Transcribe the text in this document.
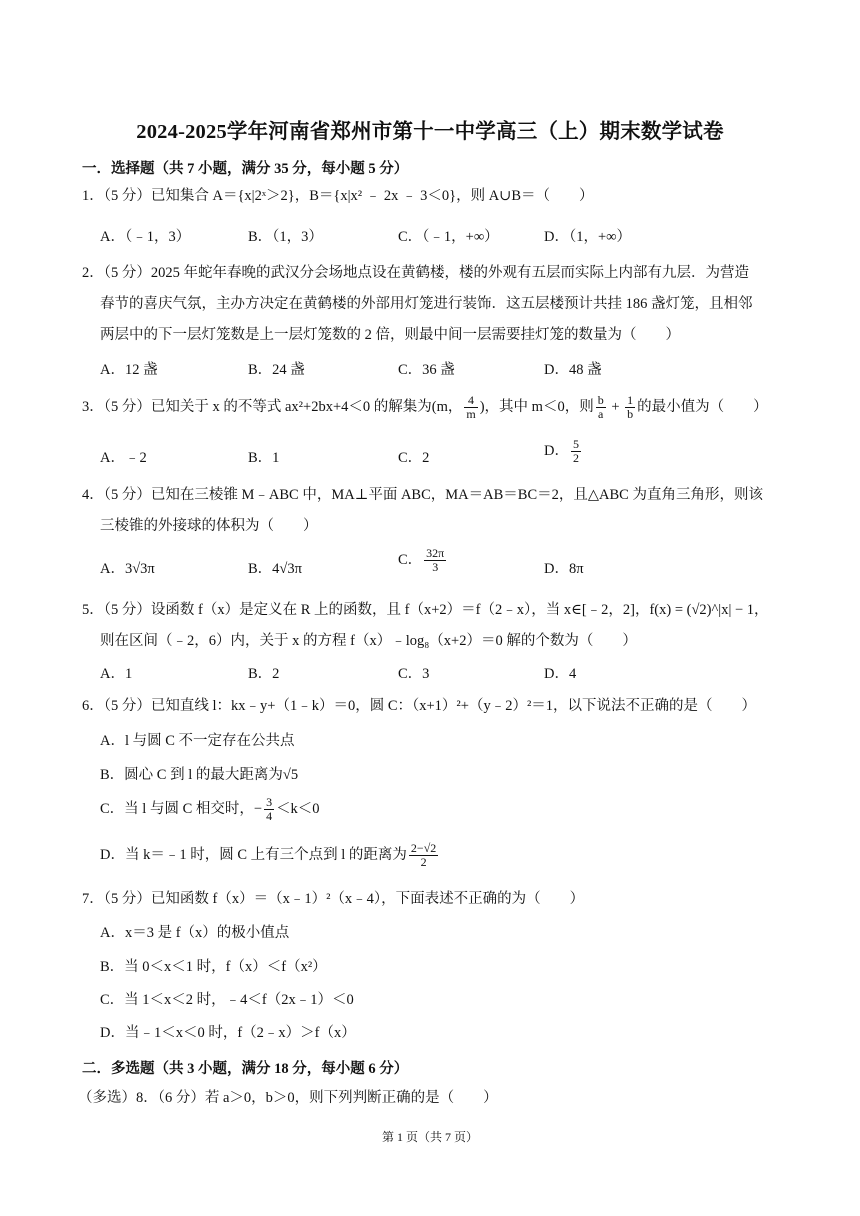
2024-2025学年河南省郑州市第十一中学高三（上）期末数学试卷
一．选择题（共 7 小题，满分 35 分，每小题 5 分）
1．（5 分）已知集合 A＝{x|2ˣ＞2}，B＝{x|x² ﹣ 2x ﹣ 3＜0}，则 A∪B＝（　　）
A．（﹣1，3）	B．（1，3）	C．（﹣1，+∞）	D．（1，+∞）
2．（5 分）2025 年蛇年春晚的武汉分会场地点设在黄鹤楼，楼的外观有五层而实际上内部有九层．为营造
春节的喜庆气氛，主办方决定在黄鹤楼的外部用灯笼进行装饰．这五层楼预计共挂 186 盏灯笼，且相邻
两层中的下一层灯笼数是上一层灯笼数的 2 倍，则最中间一层需要挂灯笼的数量为（　　）
A．12 盏	B．24 盏	C．36 盏	D．48 盏
3．（5 分）已知关于 x 的不等式 ax²+2bx+4＜0 的解集为(m， $\frac{4}{m}$ )，其中 m＜0，则 $\frac{b}{a} + \frac{1}{b}$ 的最小值为（　　）
A．﹣2	B．1	C．2	D． $\frac{5}{2}$
4．（5 分）已知在三棱锥 M﹣ABC 中，MA⊥平面 ABC，MA＝AB＝BC＝2，且△ABC 为直角三角形，则该
三棱锥的外接球的体积为（　　）
A．3√3π	B．4√3π
C． $\frac{32\pi}{3}$	D．8π
5．（5 分）设函数 f（x）是定义在 R 上的函数，且 f（x+2）＝f（2﹣x），当 x∈[﹣2，2]，f(x) = (√2)^|x| − 1，
则在区间（﹣2，6）内，关于 x 的方程 f（x）﹣log₈（x+2）＝0 解的个数为（　　）
A．1	B．2	C．3	D．4
6．（5 分）已知直线 l：kx﹣y+（1﹣k）＝0，圆 C：（x+1）²+（y﹣2）²＝1，以下说法不正确的是（　　）
A．l 与圆 C 不一定存在公共点
B．圆心 C 到 l 的最大距离为√5
C．当 l 与圆 C 相交时，− $\frac{3}{4} <k<0$
D．当 k＝﹣1 时，圆 C 上有三个点到 l 的距离为 $\frac{2-√2}{2}$
7．（5 分）已知函数 f（x）＝（x﹣1）²（x﹣4），下面表述不正确的为（　　）
A．x＝3 是 f（x）的极小值点
B．当 0＜x＜1 时，f（x）＜f（x²）
C．当 1＜x＜2 时，﹣4＜f（2x﹣1）＜0
D．当﹣1＜x＜0 时，f（2﹣x）＞f（x）
二．多选题（共 3 小题，满分 18 分，每小题 6 分）
（多选）8．（6 分）若 a＞0，b＞0，则下列判断正确的是（　　）
第 1 页（共 7 页）
